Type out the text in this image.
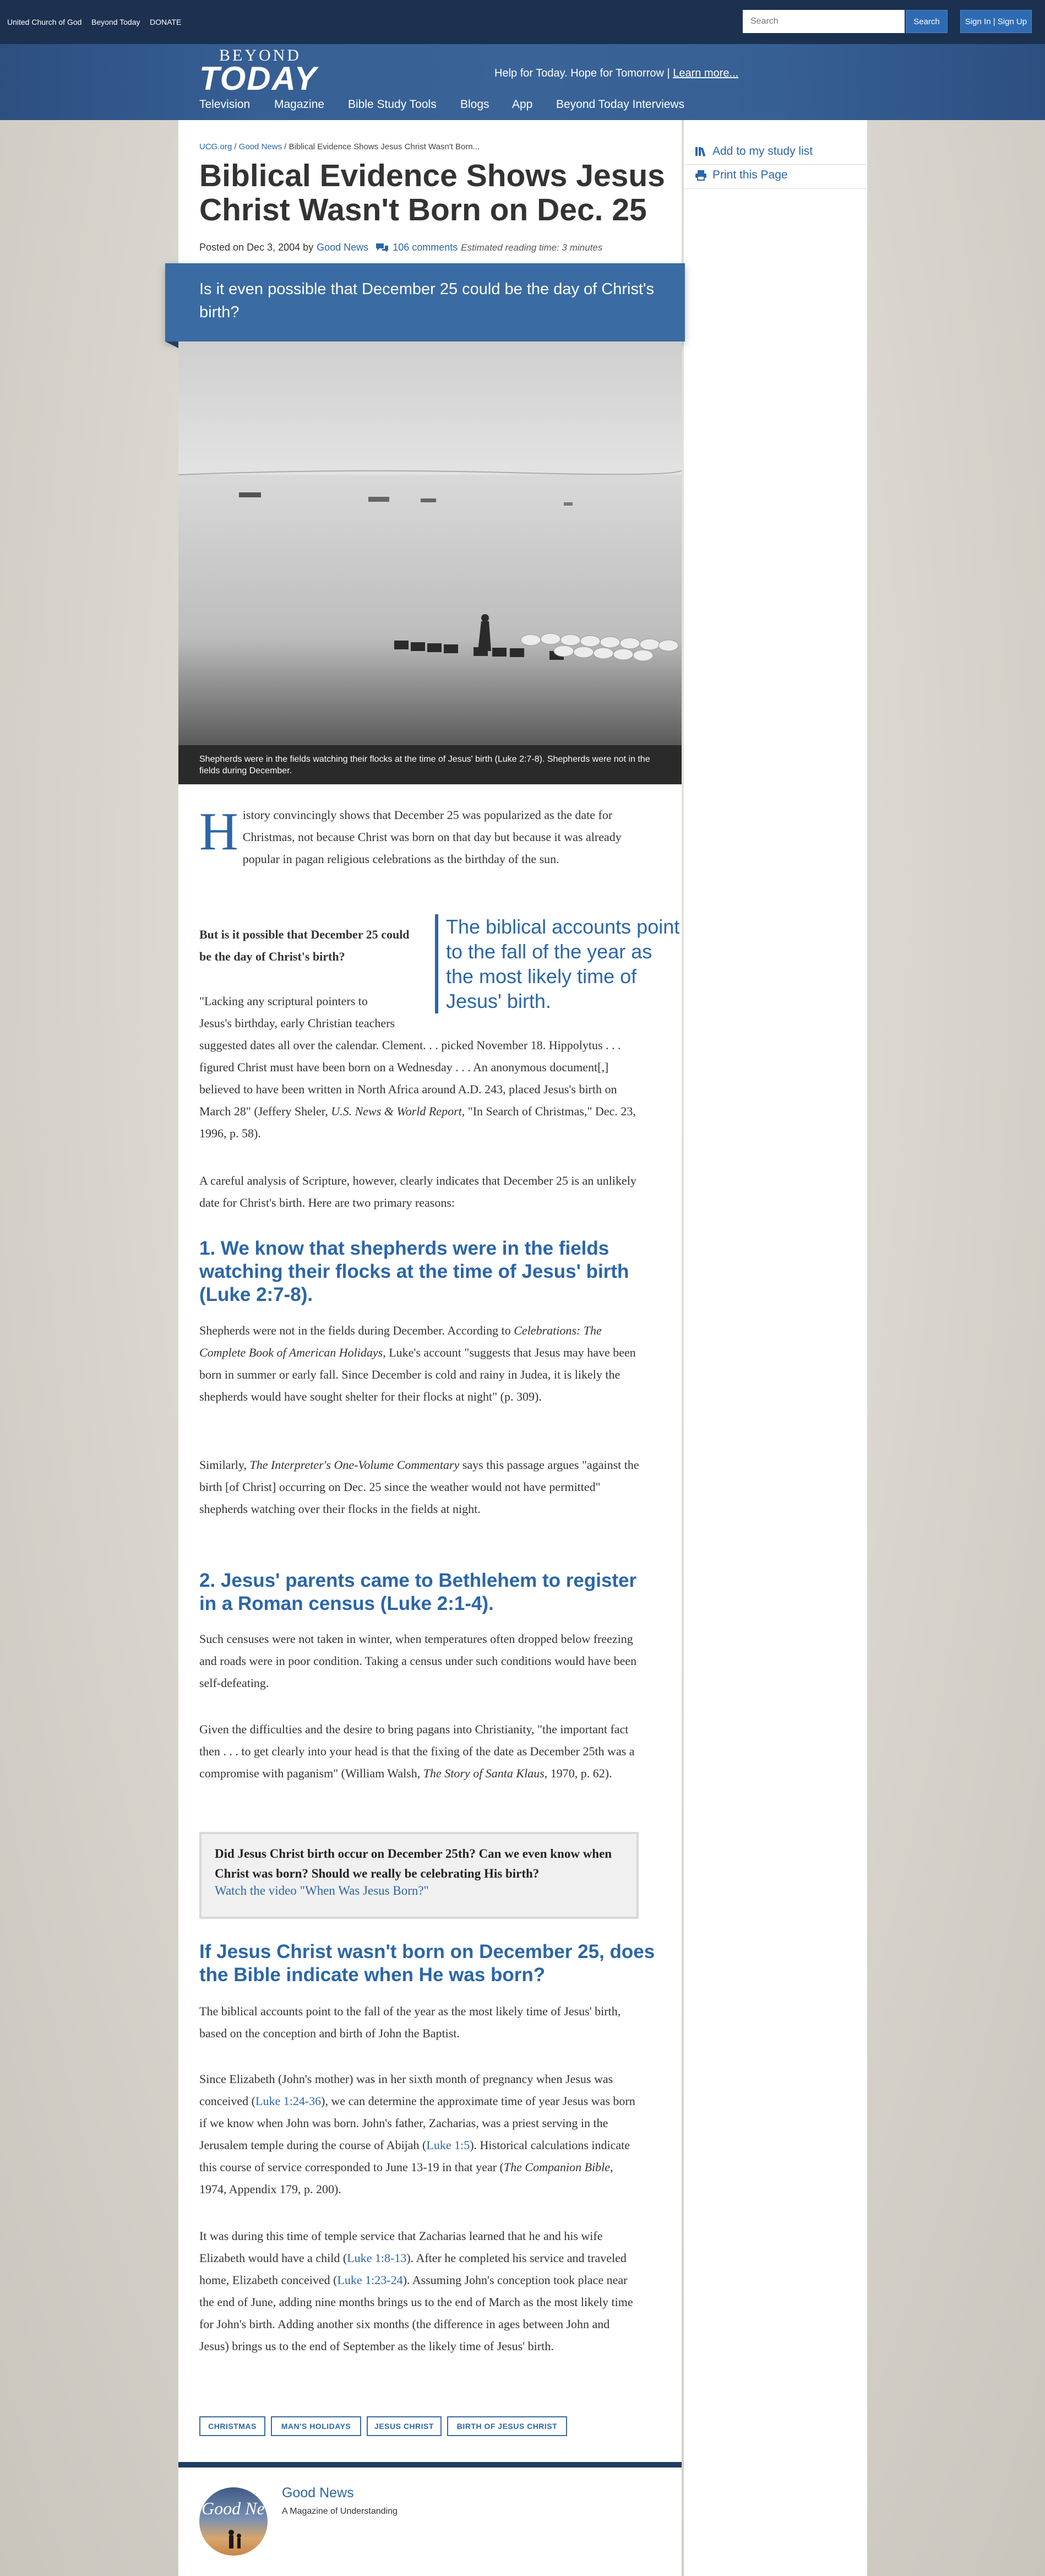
United Church of God Beyond Today DONATE
Search	Search	Sign In | Sign Up
BEYOND
TODAY	Help for Today. Hope for Tomorrow | Learn more...
Television Magazine Bible Study Tools Blogs App Beyond Today Interviews
Add to my study list
Print this Page
UCG.org / Good News / Biblical Evidence Shows Jesus Christ Wasn't Born...
Biblical Evidence Shows Jesus Christ Wasn't Born on Dec. 25
Posted on Dec 3, 2004 by Good News 106 comments Estimated reading time: 3 minutes
Is it even possible that December 25 could be the day of Christ's birth?
Shepherds were in the fields watching their flocks at the time of Jesus' birth (Luke 2:7-8). Shepherds were not in the fields during December.
H istory convincingly shows that December 25 was popularized as the date for Christmas, not because Christ was born on that day but because it was already popular in pagan religious celebrations as the birthday of the sun.
But is it possible that December 25 could be the day of Christ's birth?
The biblical accounts point to the fall of the year as the most likely time of Jesus' birth.
"Lacking any scriptural pointers to Jesus's birthday, early Christian teachers suggested dates all over the calendar. Clement. . . picked November 18. Hippolytus . . . figured Christ must have been born on a Wednesday . . . An anonymous document[,] believed to have been written in North Africa around A.D. 243, placed Jesus's birth on March 28" (Jeffery Sheler, U.S. News & World Report, "In Search of Christmas," Dec. 23, 1996, p. 58).
A careful analysis of Scripture, however, clearly indicates that December 25 is an unlikely date for Christ's birth. Here are two primary reasons:
1. We know that shepherds were in the fields watching their flocks at the time of Jesus' birth (Luke 2:7-8).
Shepherds were not in the fields during December. According to Celebrations: The Complete Book of American Holidays, Luke's account "suggests that Jesus may have been born in summer or early fall. Since December is cold and rainy in Judea, it is likely the shepherds would have sought shelter for their flocks at night" (p. 309).
Similarly, The Interpreter's One-Volume Commentary says this passage argues "against the birth [of Christ] occurring on Dec. 25 since the weather would not have permitted" shepherds watching over their flocks in the fields at night.
2. Jesus' parents came to Bethlehem to register in a Roman census (Luke 2:1-4).
Such censuses were not taken in winter, when temperatures often dropped below freezing and roads were in poor condition. Taking a census under such conditions would have been self-defeating.
Given the difficulties and the desire to bring pagans into Christianity, "the important fact then . . . to get clearly into your head is that the fixing of the date as December 25th was a compromise with paganism" (William Walsh, The Story of Santa Klaus, 1970, p. 62).
Did Jesus Christ birth occur on December 25th? Can we even know when Christ was born? Should we really be celebrating His birth?
Watch the video "When Was Jesus Born?"
If Jesus Christ wasn't born on December 25, does the Bible indicate when He was born?
The biblical accounts point to the fall of the year as the most likely time of Jesus' birth, based on the conception and birth of John the Baptist.
Since Elizabeth (John's mother) was in her sixth month of pregnancy when Jesus was conceived (Luke 1:24-36), we can determine the approximate time of year Jesus was born if we know when John was born. John's father, Zacharias, was a priest serving in the Jerusalem temple during the course of Abijah (Luke 1:5). Historical calculations indicate this course of service corresponded to June 13-19 in that year (The Companion Bible, 1974, Appendix 179, p. 200).
It was during this time of temple service that Zacharias learned that he and his wife Elizabeth would have a child (Luke 1:8-13). After he completed his service and traveled home, Elizabeth conceived (Luke 1:23-24). Assuming John's conception took place near the end of June, adding nine months brings us to the end of March as the most likely time for John's birth. Adding another six months (the difference in ages between John and Jesus) brings us to the end of September as the likely time of Jesus' birth.
CHRISTMAS	MAN'S HOLIDAYS	JESUS CHRIST	BIRTH OF JESUS CHRIST
Good News
Good News
A Magazine of Understanding
